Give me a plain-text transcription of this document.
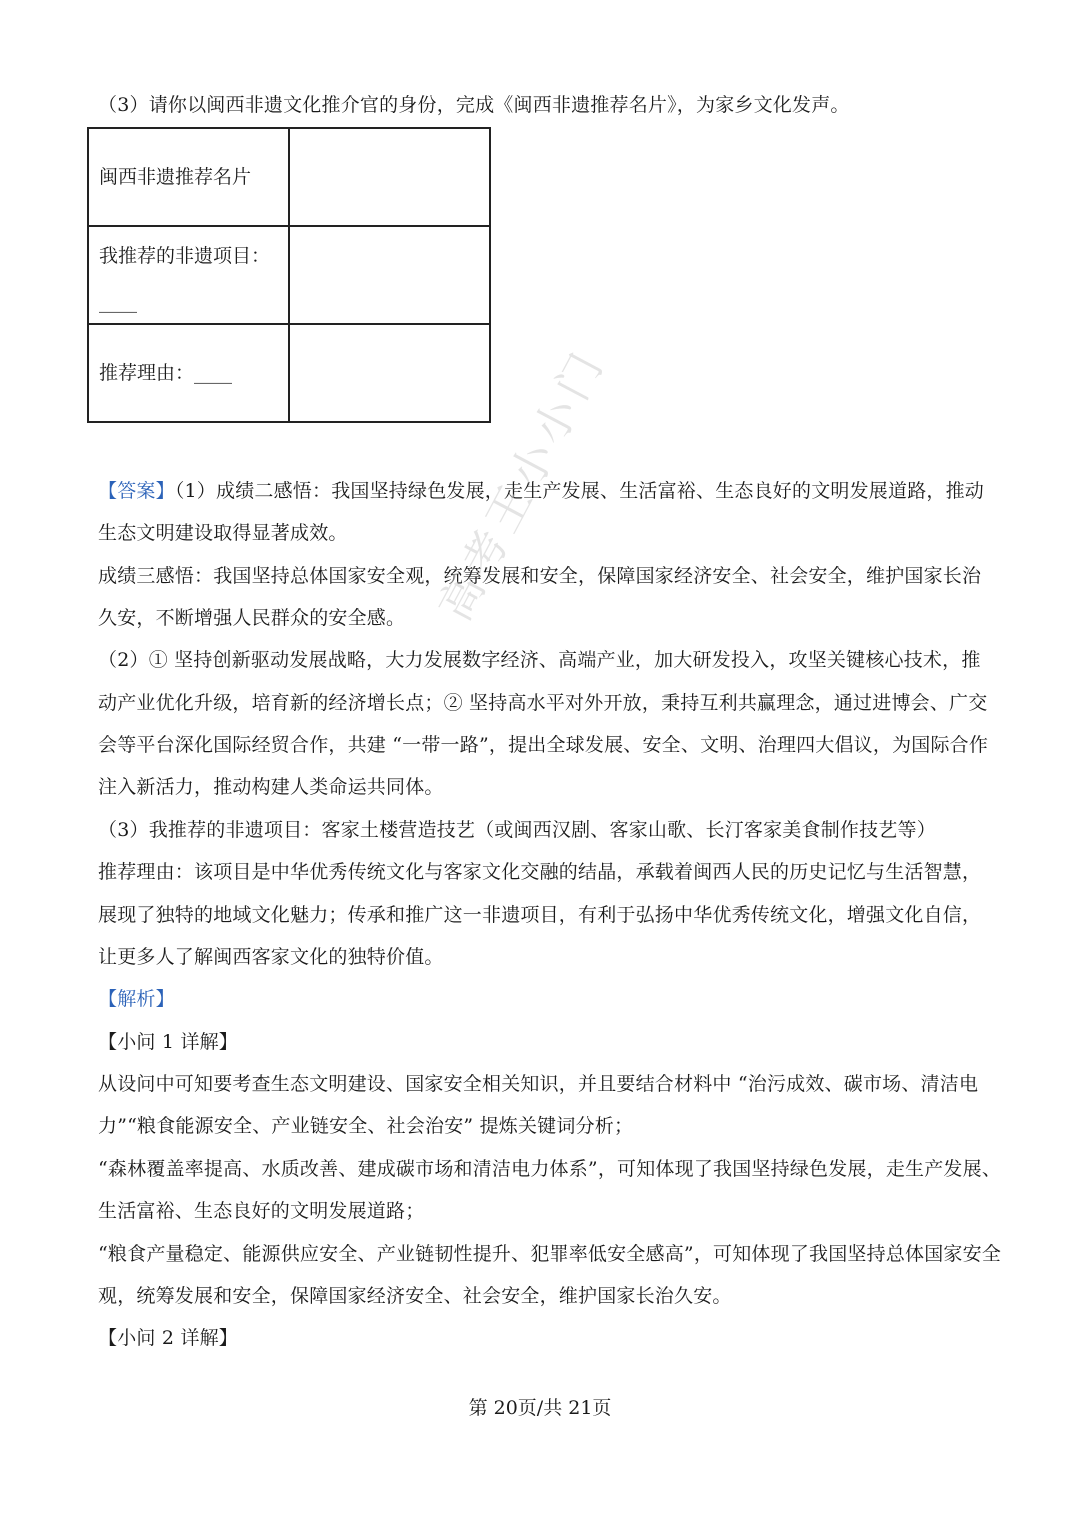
（3）请你以闽西非遗文化推介官的身份，完成《闽西非遗推荐名片》，为家乡文化发声。
闽西非遗推荐名片	

我推荐的非遗项目：
____	

推荐理由：____	

【答案】（1）成绩二感悟：我国坚持绿色发展，走生产发展、生活富裕、生态良好的文明发展道路，推动
生态文明建设取得显著成效。
成绩三感悟：我国坚持总体国家安全观，统筹发展和安全，保障国家经济安全、社会安全，维护国家长治
久安，不断增强人民群众的安全感。
（2）① 坚持创新驱动发展战略，大力发展数字经济、高端产业，加大研发投入，攻坚关键核心技术，推
动产业优化升级，培育新的经济增长点；② 坚持高水平对外开放，秉持互利共赢理念，通过进博会、广交
会等平台深化国际经贸合作，共建 “一带一路”，提出全球发展、安全、文明、治理四大倡议，为国际合作
注入新活力，推动构建人类命运共同体。
（3）我推荐的非遗项目：客家土楼营造技艺（或闽西汉剧、客家山歌、长汀客家美食制作技艺等）
推荐理由：该项目是中华优秀传统文化与客家文化交融的结晶，承载着闽西人民的历史记忆与生活智慧，
展现了独特的地域文化魅力；传承和推广这一非遗项目，有利于弘扬中华优秀传统文化，增强文化自信，
让更多人了解闽西客家文化的独特价值。
【解析】
【小问 1 详解】
从设问中可知要考查生态文明建设、国家安全相关知识，并且要结合材料中 “治污成效、碳市场、清洁电
力”“粮食能源安全、产业链安全、社会治安” 提炼关键词分析；
“森林覆盖率提高、水质改善、建成碳市场和清洁电力体系”，可知体现了我国坚持绿色发展，走生产发展、
生活富裕、生态良好的文明发展道路；
“粮食产量稳定、能源供应安全、产业链韧性提升、犯罪率低安全感高”，可知体现了我国坚持总体国家安全
观，统筹发展和安全，保障国家经济安全、社会安全，维护国家长治久安。
【小问 2 详解】
高考王小小门
第 20页/共 21页
